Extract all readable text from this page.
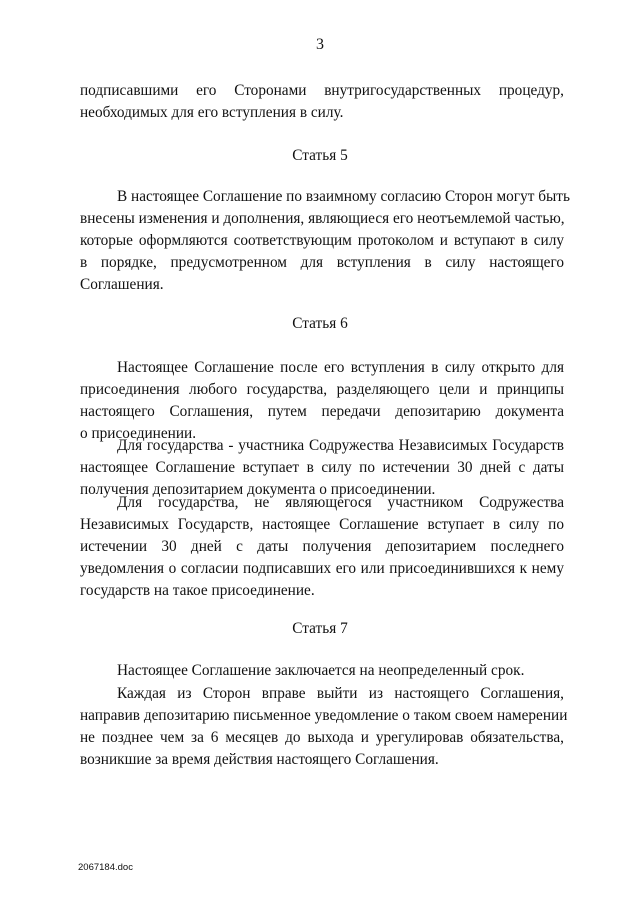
3
подписавшими его Сторонами внутригосударственных процедур,
необходимых для его вступления в силу.
Статья 5
В настоящее Соглашение по взаимному согласию Сторон могут быть
внесены изменения и дополнения, являющиеся его неотъемлемой частью,
которые оформляются соответствующим протоколом и вступают в силу
в порядке, предусмотренном для вступления в силу настоящего
Соглашения.
Статья 6
Настоящее Соглашение после его вступления в силу открыто для
присоединения любого государства, разделяющего цели и принципы
настоящего Соглашения, путем передачи депозитарию документа
о присоединении.
Для государства - участника Содружества Независимых Государств
настоящее Соглашение вступает в силу по истечении 30 дней с даты
получения депозитарием документа о присоединении.
Для государства, не являющегося участником Содружества
Независимых Государств, настоящее Соглашение вступает в силу по
истечении 30 дней с даты получения депозитарием последнего
уведомления о согласии подписавших его или присоединившихся к нему
государств на такое присоединение.
Статья 7
Настоящее Соглашение заключается на неопределенный срок.
Каждая из Сторон вправе выйти из настоящего Соглашения,
направив депозитарию письменное уведомление о таком своем намерении
не позднее чем за 6 месяцев до выхода и урегулировав обязательства,
возникшие за время действия настоящего Соглашения.
2067184.doc
